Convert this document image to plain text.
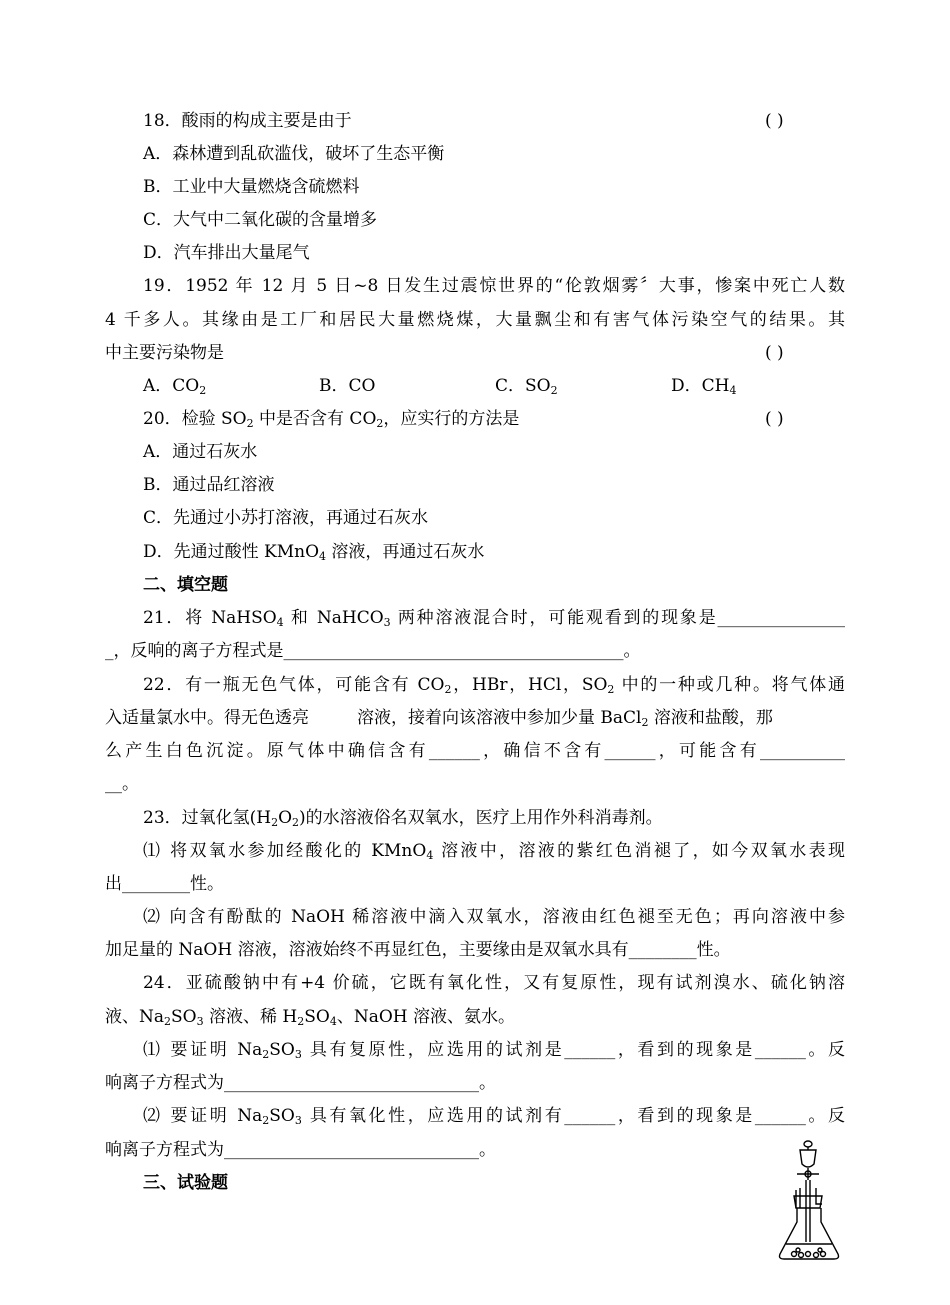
18．酸雨的构成主要是由于	( )
A．森林遭到乱砍滥伐，破坏了生态平衡
B．工业中大量燃烧含硫燃料
C．大气中二氧化碳的含量增多
D．汽车排出大量尾气
19．1952 年 12 月 5 日~8 日发生过震惊世界的“伦敦烟雾〞大事，惨案中死亡人数
4 千多人。其缘由是工厂和居民大量燃烧煤，大量飘尘和有害气体污染空气的结果。其
中主要污染物是	( )
A．$CO_2$	B．CO	C．$SO_2$	D．$CH_4$
20．检验 $SO_2$ 中是否含有 $CO_2$，应实行的方法是	( )
A．通过石灰水
B．通过品红溶液
C．先通过小苏打溶液，再通过石灰水
D．先通过酸性 KMnO$_4$ 溶液，再通过石灰水
二、填空题
21．将 NaHSO$_4$ 和 NaHCO$_3$ 两种溶液混合时，可能观看到的现象是_______________
_，反响的离子方程式是________________________________________。
22．有一瓶无色气体，可能含有 $CO_2$，HBr，HCl，$SO_2$ 中的一种或几种。将气体通
入适量氯水中。得无色透亮	溶液，接着向该溶液中参加少量 BaCl$_2$ 溶液和盐酸，那
么产生白色沉淀。原气体中确信含有______，确信不含有______，可能含有__________
__。
23．过氧化氢$(H_2O_2)$的水溶液俗名双氧水，医疗上用作外科消毒剂。
⑴ 将双氧水参加经酸化的 KMnO$_4$ 溶液中，溶液的紫红色消褪了，如今双氧水表现
出________性。
⑵ 向含有酚酞的 NaOH 稀溶液中滴入双氧水，溶液由红色褪至无色；再向溶液中参
加足量的 NaOH 溶液，溶液始终不再显红色，主要缘由是双氧水具有________性。
24．亚硫酸钠中有+4 价硫，它既有氧化性，又有复原性，现有试剂溴水、硫化钠溶
液、$Na_2SO_3$ 溶液、稀 $H_2SO_4$、NaOH 溶液、氨水。
⑴ 要证明 $Na_2SO_3$ 具有复原性，应选用的试剂是______，看到的现象是______。反
响离子方程式为______________________________。
⑵ 要证明 $Na_2SO_3$ 具有氧化性，应选用的试剂有______，看到的现象是______。反
响离子方程式为______________________________。
三、试验题
